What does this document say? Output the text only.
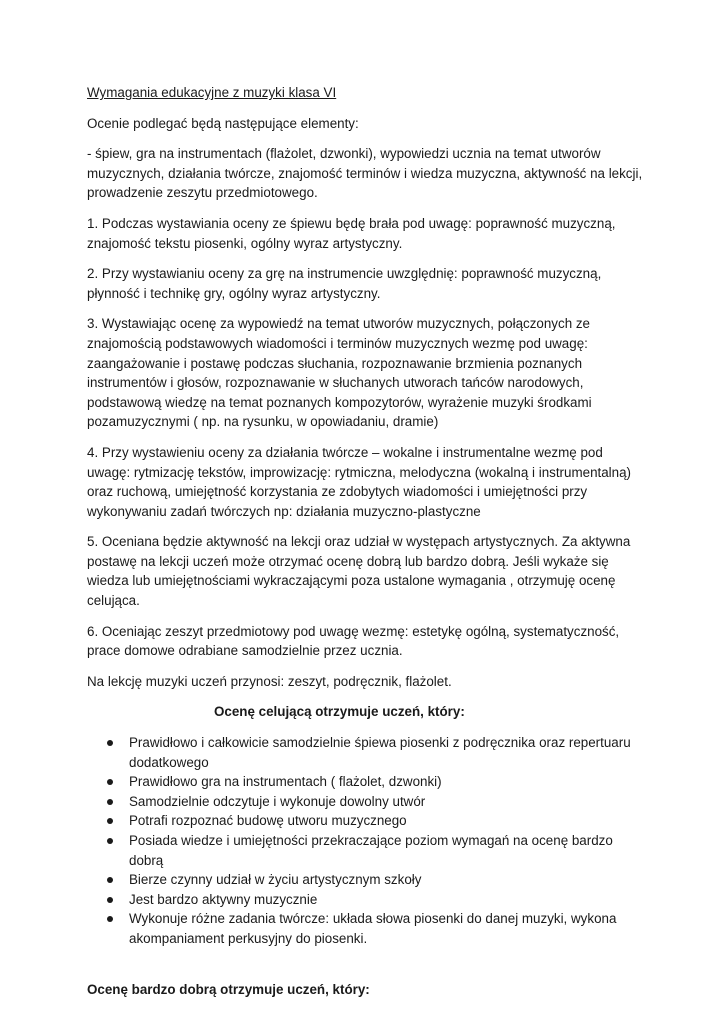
Wymagania edukacyjne z muzyki klasa VI

Ocenie podlegać będą następujące elementy:

- śpiew, gra na instrumentach (flażolet, dzwonki), wypowiedzi ucznia na temat utworów muzycznych, działania twórcze, znajomość terminów i wiedza muzyczna, aktywność na lekcji, prowadzenie zeszytu przedmiotowego.

1. Podczas wystawiania oceny ze śpiewu będę brała pod uwagę: poprawność muzyczną, znajomość tekstu piosenki, ogólny wyraz artystyczny.

2. Przy wystawianiu oceny za grę na instrumencie uwzględnię: poprawność muzyczną, płynność i technikę gry, ogólny wyraz artystyczny.

3. Wystawiając ocenę za wypowiedź na temat utworów muzycznych, połączonych ze znajomością podstawowych wiadomości i terminów muzycznych wezmę pod uwagę: zaangażowanie i postawę podczas słuchania, rozpoznawanie brzmienia poznanych instrumentów i głosów, rozpoznawanie w słuchanych utworach tańców narodowych, podstawową wiedzę na temat poznanych kompozytorów, wyrażenie muzyki środkami pozamuzycznymi ( np. na rysunku, w opowiadaniu, dramie)

4. Przy wystawieniu oceny za działania twórcze – wokalne i instrumentalne wezmę pod uwagę: rytmizację tekstów, improwizację: rytmiczna, melodyczna (wokalną i instrumentalną) oraz ruchową, umiejętność korzystania ze zdobytych wiadomości i umiejętności przy wykonywaniu zadań twórczych np: działania muzyczno-plastyczne

5. Oceniana będzie aktywność na lekcji oraz udział w występach artystycznych. Za aktywna postawę na lekcji uczeń może otrzymać ocenę dobrą lub bardzo dobrą. Jeśli wykaże się wiedza lub umiejętnościami wykraczającymi poza ustalone wymagania , otrzymuję ocenę celująca.

6. Oceniając zeszyt przedmiotowy pod uwagę wezmę: estetykę ogólną, systematyczność, prace domowe odrabiane samodzielnie przez ucznia.

Na lekcję muzyki uczeń przynosi: zeszyt, podręcznik, flażolet.

Ocenę celującą otrzymuje uczeń, który:

Prawidłowo i całkowicie samodzielnie śpiewa piosenki z podręcznika oraz repertuaru dodatkowego
Prawidłowo gra na instrumentach ( flażolet, dzwonki)
Samodzielnie odczytuje i wykonuje dowolny utwór
Potrafi rozpoznać budowę utworu muzycznego
Posiada wiedze i umiejętności przekraczające poziom wymagań na ocenę bardzo dobrą
Bierze czynny udział w życiu artystycznym szkoły
Jest bardzo aktywny muzycznie
Wykonuje różne zadania twórcze: układa słowa piosenki do danej muzyki, wykona akompaniament perkusyjny do piosenki.

Ocenę bardzo dobrą otrzymuje uczeń, który:
